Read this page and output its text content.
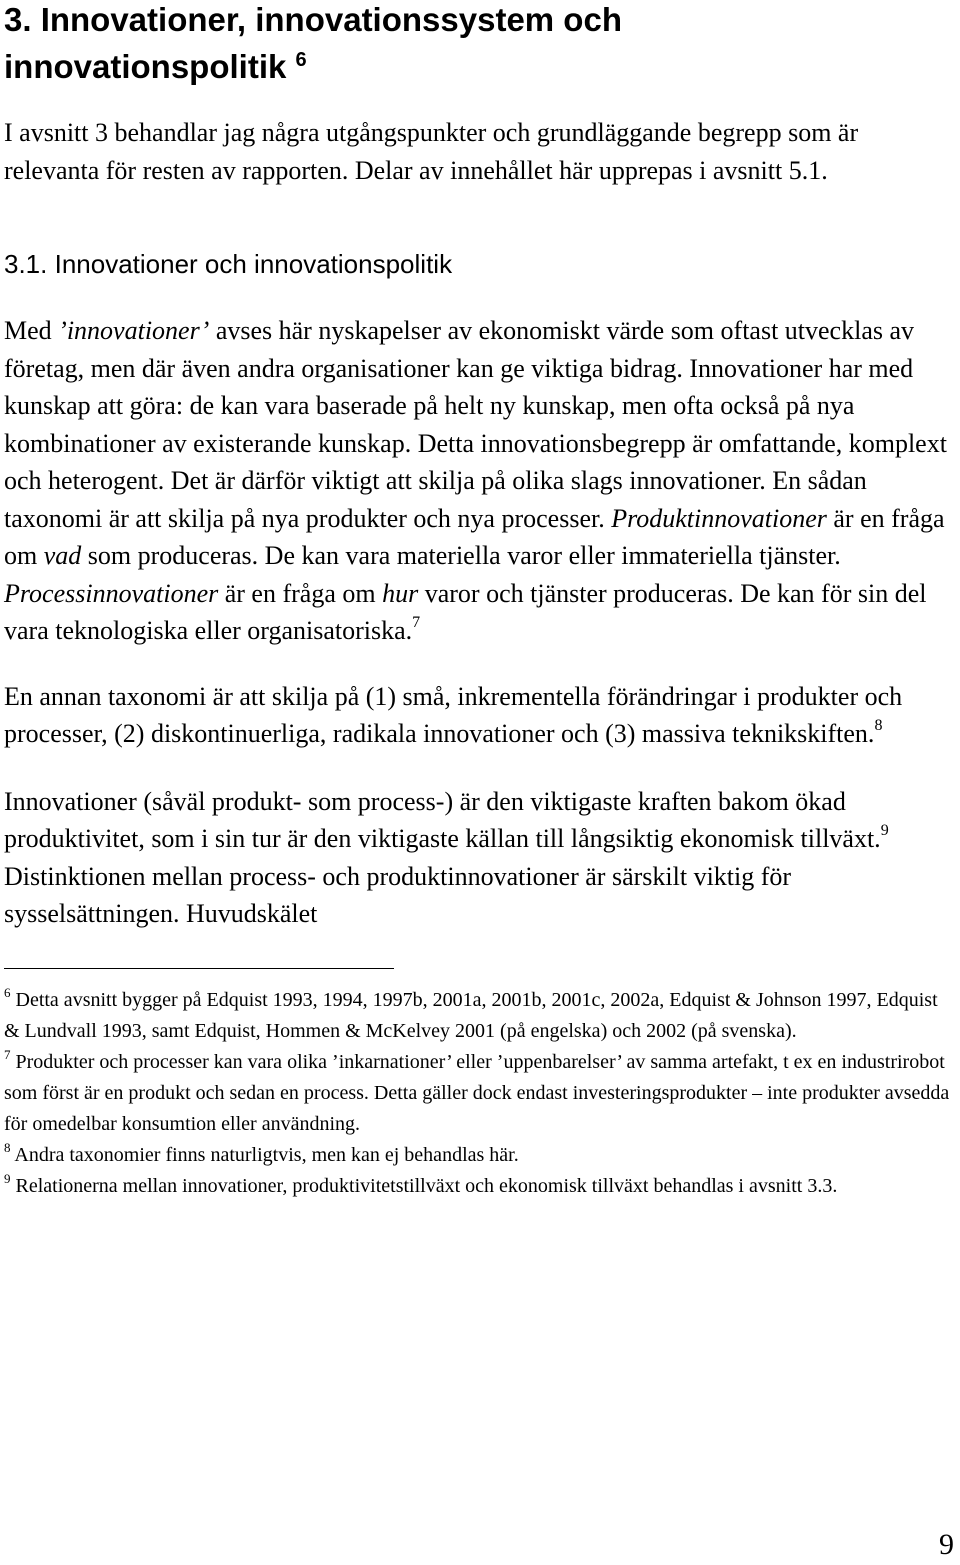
3. Innovationer, innovationssystem och
innovationspolitik $^6$

I avsnitt 3 behandlar jag några utgångspunkter och grundläggande begrepp som är relevanta för resten av rapporten. Delar av innehållet här upprepas i avsnitt 5.1.

3.1. Innovationer och innovationspolitik

Med ’innovationer’ avses här nyskapelser av ekonomiskt värde som oftast utvecklas av företag, men där även andra organisationer kan ge viktiga bidrag. Innovationer har med kunskap att göra: de kan vara baserade på helt ny kunskap, men ofta också på nya kombinationer av existerande kunskap. Detta innovationsbegrepp är omfattande, komplext och heterogent. Det är därför viktigt att skilja på olika slags innovationer. En sådan taxonomi är att skilja på nya produkter och nya processer. Produktinnovationer är en fråga om vad som produceras. De kan vara materiella varor eller immateriella tjänster. Processinnovationer är en fråga om hur varor och tjänster produceras. De kan för sin del vara teknologiska eller organisatoriska.$^7$

En annan taxonomi är att skilja på (1) små, inkrementella förändringar i produkter och processer, (2) diskontinuerliga, radikala innovationer och (3) massiva teknikskiften.$^8$

Innovationer (såväl produkt- som process-) är den viktigaste kraften bakom ökad produktivitet, som i sin tur är den viktigaste källan till långsiktig ekonomisk tillväxt.$^9$ Distinktionen mellan process- och produktinnovationer är särskilt viktig för sysselsättningen. Huvudskälet

$^6$ Detta avsnitt bygger på Edquist 1993, 1994, 1997b, 2001a, 2001b, 2001c, 2002a, Edquist & Johnson 1997, Edquist & Lundvall 1993, samt Edquist, Hommen & McKelvey 2001 (på engelska) och 2002 (på svenska).

$^7$ Produkter och processer kan vara olika ’inkarnationer’ eller ’uppenbarelser’ av samma artefakt, t ex en industrirobot som först är en produkt och sedan en process. Detta gäller dock endast investeringsprodukter – inte produkter avsedda för omedelbar konsumtion eller användning.

$^8$ Andra taxonomier finns naturligtvis, men kan ej behandlas här.

$^9$ Relationerna mellan innovationer, produktivitetstillväxt och ekonomisk tillväxt behandlas i avsnitt 3.3.

9
